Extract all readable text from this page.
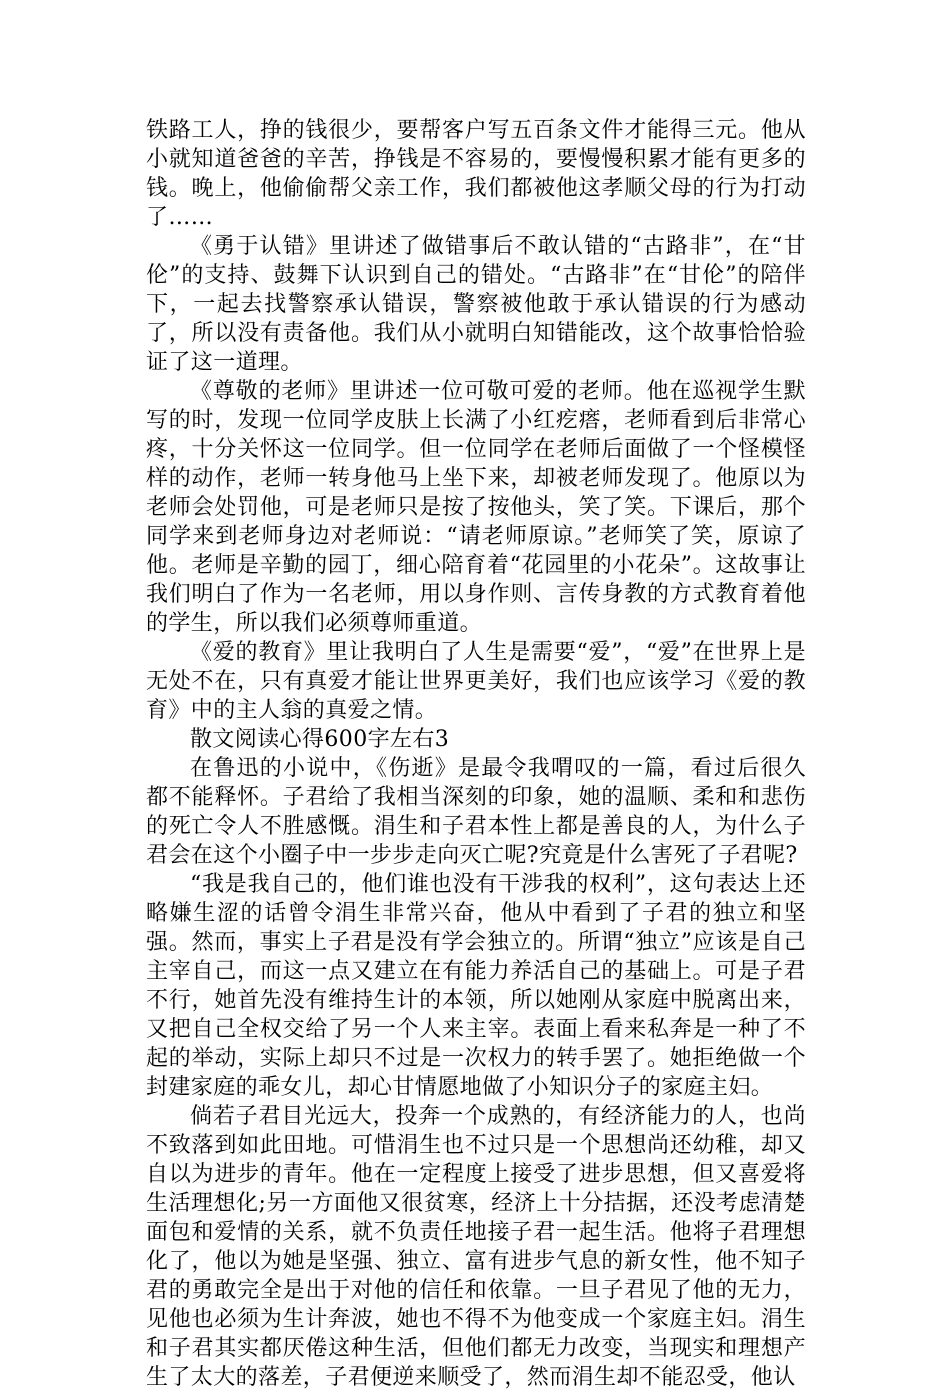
铁路工人，挣的钱很少，要帮客户写五百条文件才能得三元。他从小就知道爸爸的辛苦，挣钱是不容易的，要慢慢积累才能有更多的钱。晚上，他偷偷帮父亲工作，我们都被他这孝顺父母的行为打动了……

《勇于认错》里讲述了做错事后不敢认错的“古路非”，在“甘伦”的支持、鼓舞下认识到自己的错处。“古路非”在“甘伦”的陪伴下，一起去找警察承认错误，警察被他敢于承认错误的行为感动了，所以没有责备他。我们从小就明白知错能改，这个故事恰恰验证了这一道理。

《尊敬的老师》里讲述一位可敬可爱的老师。他在巡视学生默写的时，发现一位同学皮肤上长满了小红疙瘩，老师看到后非常心疼，十分关怀这一位同学。但一位同学在老师后面做了一个怪模怪样的动作，老师一转身他马上坐下来，却被老师发现了。他原以为老师会处罚他，可是老师只是按了按他头，笑了笑。下课后，那个同学来到老师身边对老师说：“请老师原谅。”老师笑了笑，原谅了他。老师是辛勤的园丁，细心陪育着“花园里的小花朵”。这故事让我们明白了作为一名老师，用以身作则、言传身教的方式教育着他的学生，所以我们必须尊师重道。

《爱的教育》里让我明白了人生是需要“爱”，“爱”在世界上是无处不在，只有真爱才能让世界更美好，我们也应该学习《爱的教育》中的主人翁的真爱之情。

散文阅读心得600字左右3

在鲁迅的小说中，《伤逝》是最令我喟叹的一篇，看过后很久都不能释怀。子君给了我相当深刻的印象，她的温顺、柔和和悲伤的死亡令人不胜感慨。涓生和子君本性上都是善良的人，为什么子君会在这个小圈子中一步步走向灭亡呢?究竟是什么害死了子君呢?

“我是我自己的，他们谁也没有干涉我的权利”，这句表达上还略嫌生涩的话曾令涓生非常兴奋，他从中看到了子君的独立和坚强。然而，事实上子君是没有学会独立的。所谓“独立”应该是自己主宰自己，而这一点又建立在有能力养活自己的基础上。可是子君不行，她首先没有维持生计的本领，所以她刚从家庭中脱离出来，又把自己全权交给了另一个人来主宰。表面上看来私奔是一种了不起的举动，实际上却只不过是一次权力的转手罢了。她拒绝做一个封建家庭的乖女儿，却心甘情愿地做了小知识分子的家庭主妇。

倘若子君目光远大，投奔一个成熟的，有经济能力的人，也尚不致落到如此田地。可惜涓生也不过只是一个思想尚还幼稚，却又自以为进步的青年。他在一定程度上接受了进步思想，但又喜爱将生活理想化;另一方面他又很贫寒，经济上十分拮据，还没考虑清楚面包和爱情的关系，就不负责任地接子君一起生活。他将子君理想化了，他以为她是坚强、独立、富有进步气息的新女性，他不知子君的勇敢完全是出于对他的信任和依靠。一旦子君见了他的无力，见他也必须为生计奔波，她也不得不为他变成一个家庭主妇。涓生和子君其实都厌倦这种生活，但他们都无力改变，当现实和理想产生了太大的落差，子君便逆来顺受了，然而涓生却不能忍受，他认
